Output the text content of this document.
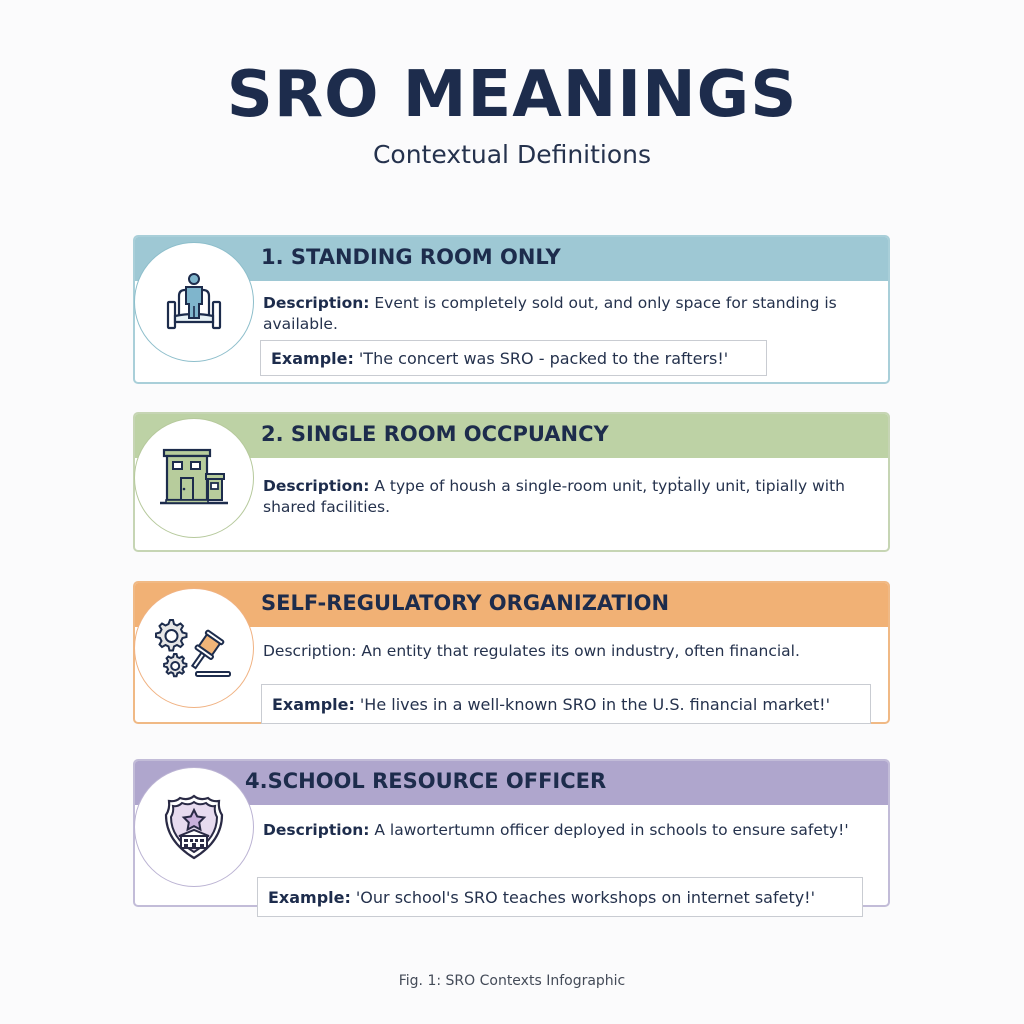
SRO MEANINGS
Contextual Definitions
1. STANDING ROOM ONLY
Description: Event is completely sold out, and only space for standing is available.
Example: 'The concert was SRO - packed to the rafters!'
2. SINGLE ROOM OCCPUANCY
Description: A type of housh a single-room unit, typṫally unit, tipially with shared facilities.
SELF-REGULATORY ORGANIZATION
Description: An entity that regulates its own industry, often financial.
Example: 'He lives in a well-known SRO in the U.S. financial market!'
4.SCHOOL RESOURCE OFFICER
Description: A lawortertumn officer deployed in schools to ensure safety!'
Example: 'Our school's SRO teaches workshops on internet safety!'
Fig. 1: SRO Contexts Infographic
